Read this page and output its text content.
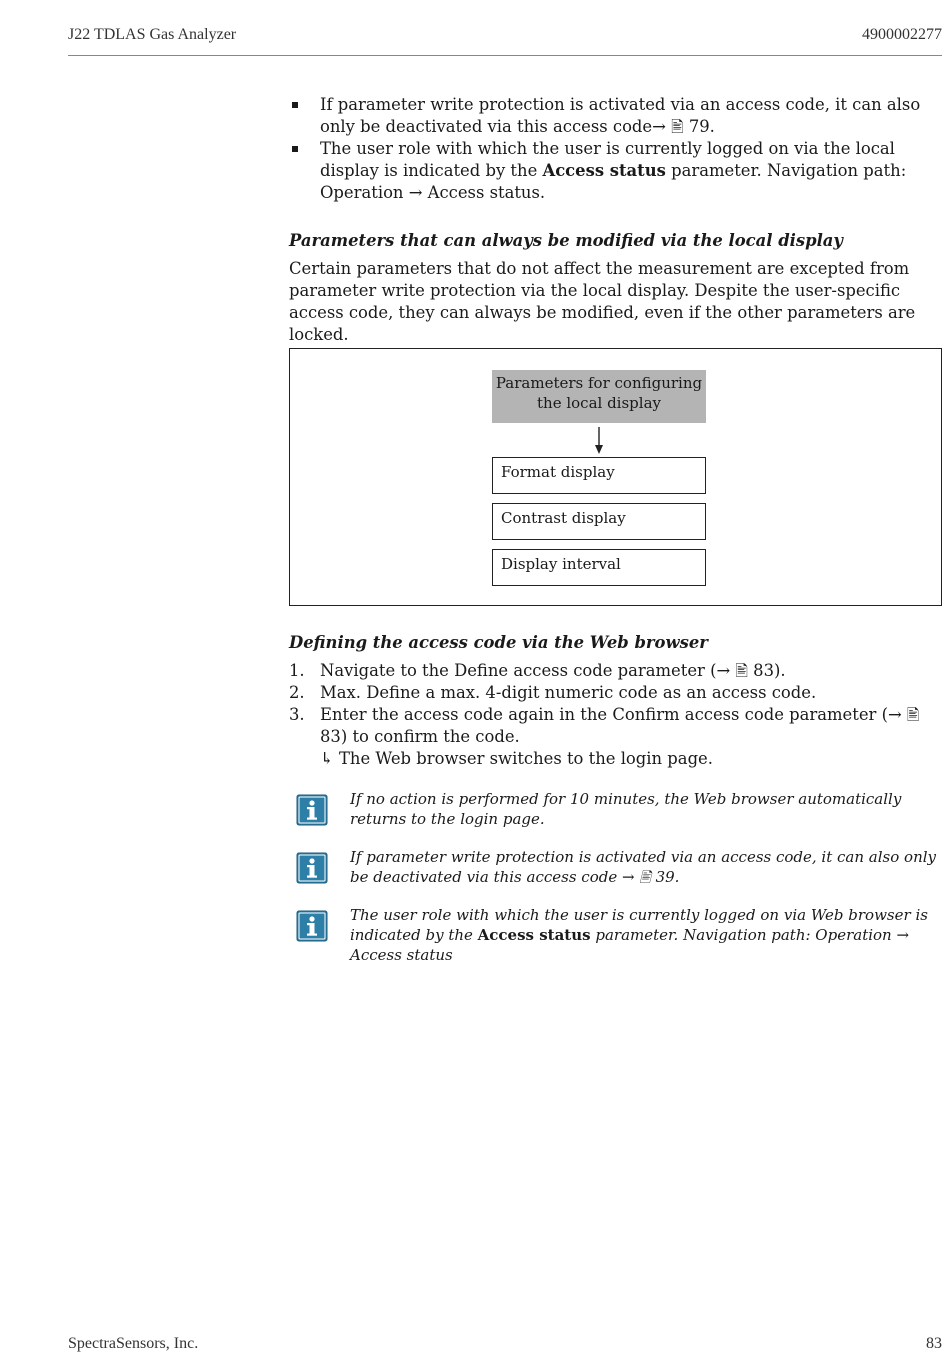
J22 TDLAS Gas Analyzer	4900002277
If parameter write protection is activated via an access code, it can also only be deactivated via this access code→ 🖹 79.
The user role with which the user is currently logged on via the local display is indicated by the Access status parameter. Navigation path: Operation → Access status.
Parameters that can always be modified via the local display
Certain parameters that do not affect the measurement are excepted from parameter write protection via the local display. Despite the user-specific access code, they can always be modified, even if the other parameters are locked.
Parameters for configuring
the local display
Format display
Contrast display
Display interval
Defining the access code via the Web browser
1. Navigate to the Define access code parameter (→ 🖹 83).
2. Max. Define a max. 4-digit numeric code as an access code.
3. Enter the access code again in the Confirm access code parameter (→ 🖹 83) to confirm the code.
↳ The Web browser switches to the login page.
If no action is performed for 10 minutes, the Web browser automatically returns to the login page.
If parameter write protection is activated via an access code, it can also only be deactivated via this access code → 🖹 39.
The user role with which the user is currently logged on via Web browser is indicated by the Access status parameter. Navigation path: Operation → Access status
SpectraSensors, Inc.	83
